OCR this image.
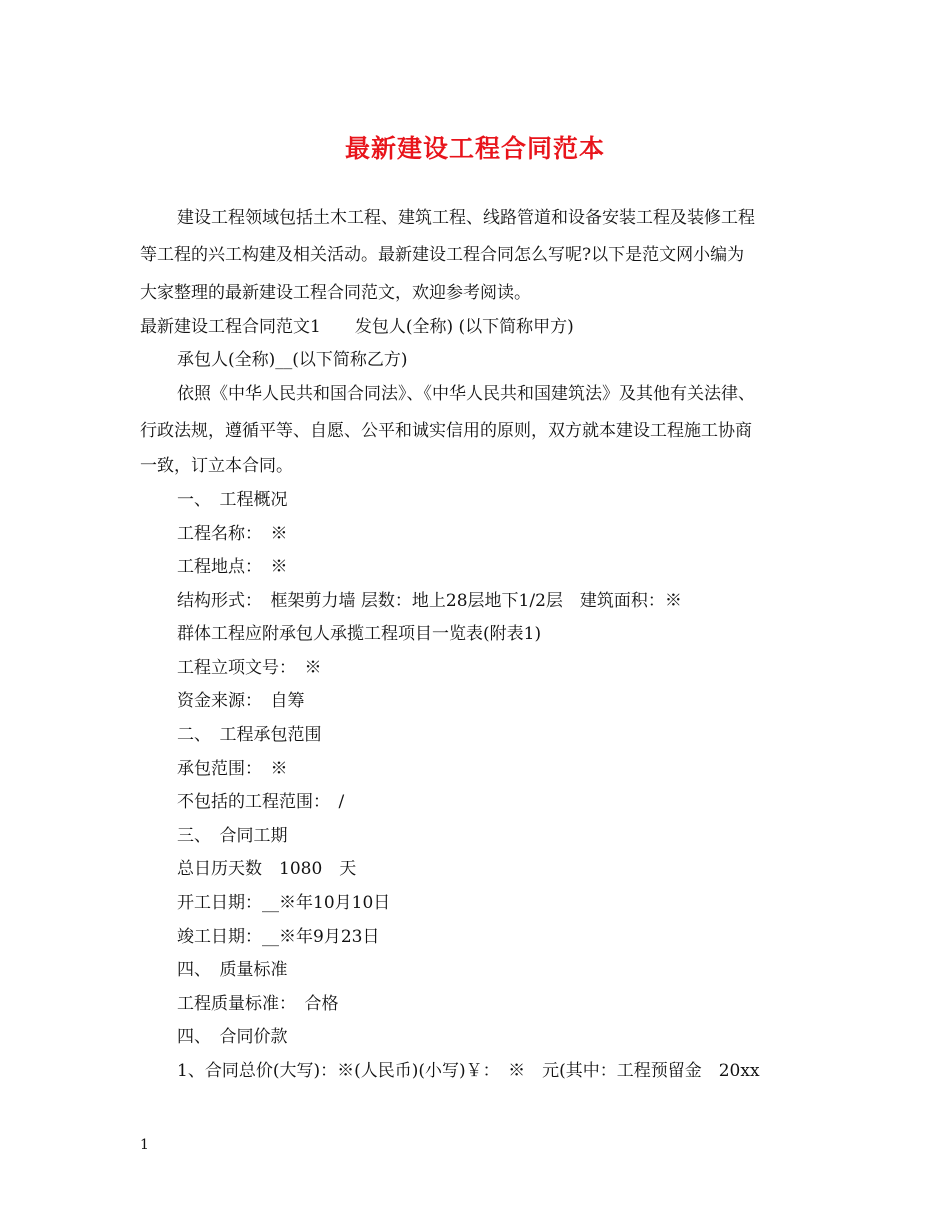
最新建设工程合同范本
建设工程领域包括土木工程、建筑工程、线路管道和设备安装工程及装修工程
等工程的兴工构建及相关活动。最新建设工程合同怎么写呢?以下是范文网小编为
大家整理的最新建设工程合同范文，欢迎参考阅读。
最新建设工程合同范文1　　发包人(全称) (以下简称甲方)
承包人(全称)__(以下简称乙方)
依照《中华人民共和国合同法》、《中华人民共和国建筑法》及其他有关法律、
行政法规，遵循平等、自愿、公平和诚实信用的原则，双方就本建设工程施工协商
一致，订立本合同。
一、　工程概况
工程名称：　※
工程地点：　※
结构形式：　框架剪力墙 层数：地上28层地下1/2层　建筑面积：※
群体工程应附承包人承揽工程项目一览表(附表1)
工程立项文号：　※
资金来源：　自筹
二、　工程承包范围
承包范围：　※
不包括的工程范围：　/
三、　合同工期
总日历天数　1080　天
开工日期：__※年10月10日
竣工日期：__※年9月23日
四、　质量标准
工程质量标准：　合格
四、　合同价款
1、合同总价(大写)：※(人民币)(小写)￥：　※　元(其中：工程预留金　20xx
1
